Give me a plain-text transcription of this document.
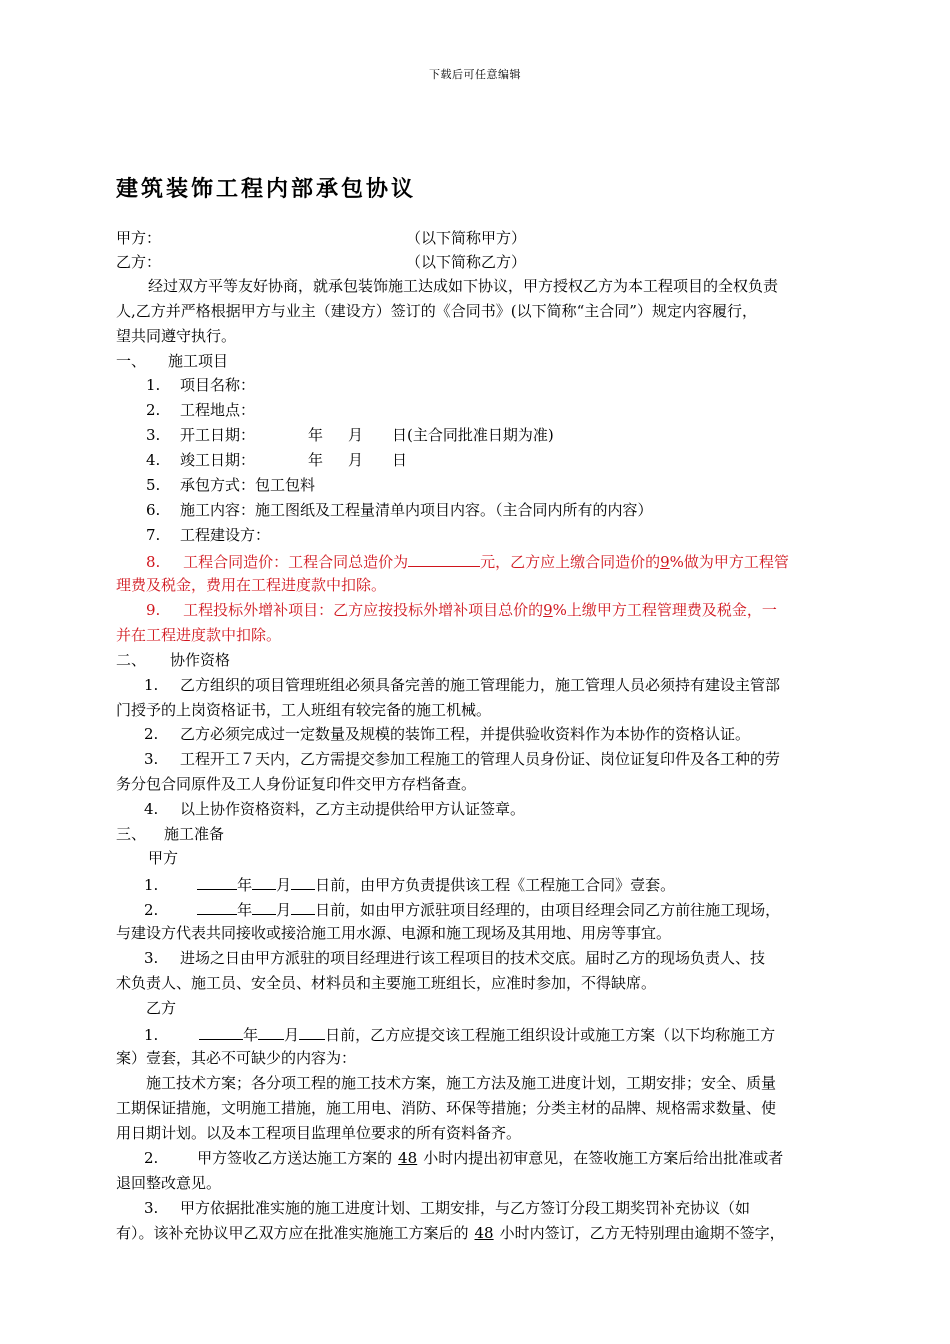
下载后可任意编辑
建筑装饰工程内部承包协议
甲方：	（以下简称甲方）
乙方：	（以下简称乙方）
经过双方平等友好协商，就承包装饰施工达成如下协议，甲方授权乙方为本工程项目的全权负责
人,乙方并严格根据甲方与业主（建设方）签订的《合同书》(以下简称“主合同”）规定内容履行，
望共同遵守执行。
一、 施工项目
1. 项目名称：
2. 工程地点：
3. 开工日期：	年 月 日(主合同批准日期为准)
4. 竣工日期：	年 月 日
5. 承包方式：包工包料
6. 施工内容：施工图纸及工程量清单内项目内容。（主合同内所有的内容）
7. 工程建设方：
8. 工程合同造价：工程合同总造价为	元，乙方应上缴合同造价的9%做为甲方工程管
理费及税金，费用在工程进度款中扣除。
9. 工程投标外增补项目：乙方应按投标外增补项目总价的9%上缴甲方工程管理费及税金，一
并在工程进度款中扣除。
二、 协作资格
1. 乙方组织的项目管理班组必须具备完善的施工管理能力，施工管理人员必须持有建设主管部
门授予的上岗资格证书，工人班组有较完备的施工机械。
2. 乙方必须完成过一定数量及规模的装饰工程，并提供验收资料作为本协作的资格认证。
3. 工程开工７天内，乙方需提交参加工程施工的管理人员身份证、岗位证复印件及各工种的劳
务分包合同原件及工人身份证复印件交甲方存档备查。
4. 以上协作资格资料，乙方主动提供给甲方认证签章。
三、 施工准备
甲方
1.	年 月 日前，由甲方负责提供该工程《工程施工合同》壹套。
2.	年 月 日前，如由甲方派驻项目经理的，由项目经理会同乙方前往施工现场，
与建设方代表共同接收或接洽施工用水源、电源和施工现场及其用地、用房等事宜。
3. 进场之日由甲方派驻的项目经理进行该工程项目的技术交底。届时乙方的现场负责人、技
术负责人、施工员、安全员、材料员和主要施工班组长，应准时参加，不得缺席。
乙方
1.	年 月 日前，乙方应提交该工程施工组织设计或施工方案（以下均称施工方
案）壹套，其必不可缺少的内容为：
施工技术方案；各分项工程的施工技术方案，施工方法及施工进度计划，工期安排；安全、质量
工期保证措施，文明施工措施，施工用电、消防、环保等措施；分类主材的品牌、规格需求数量、使
用日期计划。以及本工程项目监理单位要求的所有资料备齐。
2.	甲方签收乙方送达施工方案的 48 小时内提出初审意见，在签收施工方案后给出批准或者
退回整改意见。
3. 甲方依据批准实施的施工进度计划、工期安排，与乙方签订分段工期奖罚补充协议（如
有）。该补充协议甲乙双方应在批准实施施工方案后的 48 小时内签订，乙方无特别理由逾期不签字，
